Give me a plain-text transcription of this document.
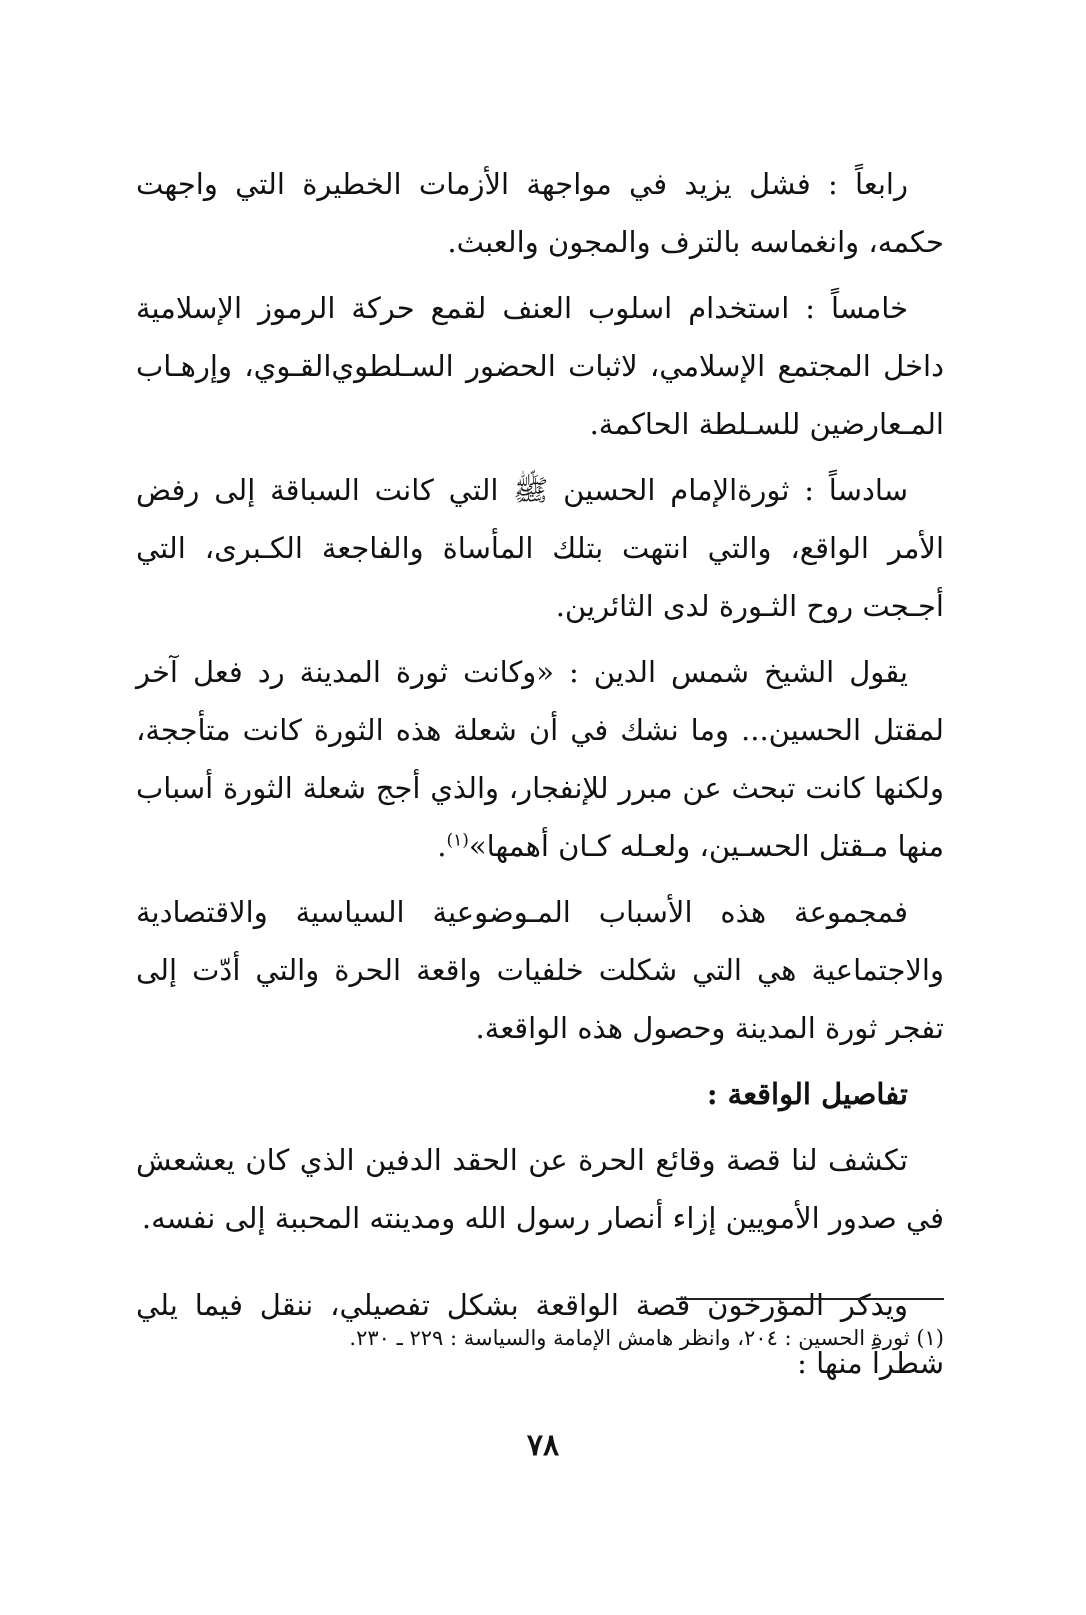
رابعاً : فشل يزيد في مواجهة الأزمات الخطيرة التي واجهت حكمه، وانغماسه بالترف والمجون والعبث.

خامساً : استخدام اسلوب العنف لقمع حركة الرموز الإسلامية داخل المجتمع الإسلامي، لاثبات الحضور السـلطوي‌القـوي، وإرهـاب المـعارضين للسـلطة الحاكمة.

سادساً : ثورةالإمام الحسين ﷺ التي كانت السباقة إلى رفض الأمر الواقع، والتي انتهت بتلك المأساة والفاجعة الكـبرى، التي أجـجت روح الثـورة لدى الثائرين.

يقول الشيخ شمس الدين : «وكانت ثورة المدينة رد فعل آخر لمقتل الحسين... وما نشك في أن شعلة هذه الثورة كانت متأججة، ولكنها كانت تبحث عن مبرر للإنفجار، والذي أجج شعلة الثورة أسباب منها مـقتل الحسـين، ولعـله كـان أهمها»$^{(١)}$.

فمجموعة هذه الأسباب المـوضوعية السياسية والاقتصادية والاجتماعية هي التي شكلت خلفيات واقعة الحرة والتي أدّت إلى تفجر ثورة المدينة وحصول هذه الواقعة.

تفاصيل الواقعة :

تكشف لنا قصة وقائع الحرة عن الحقد الدفين الذي كان يعشعش في صدور الأمويين إزاء أنصار رسول الله ومدينته المحببة إلى نفسه.

ويذكر المؤرخون قصة الواقعة بشكل تفصيلي، ننقل فيما يلي شطراً منها :

(١) ثورة الحسين : ٢٠٤، وانظر هامش الإمامة والسياسة : ٢٢٩ ـ ٢٣٠.
٧٨
